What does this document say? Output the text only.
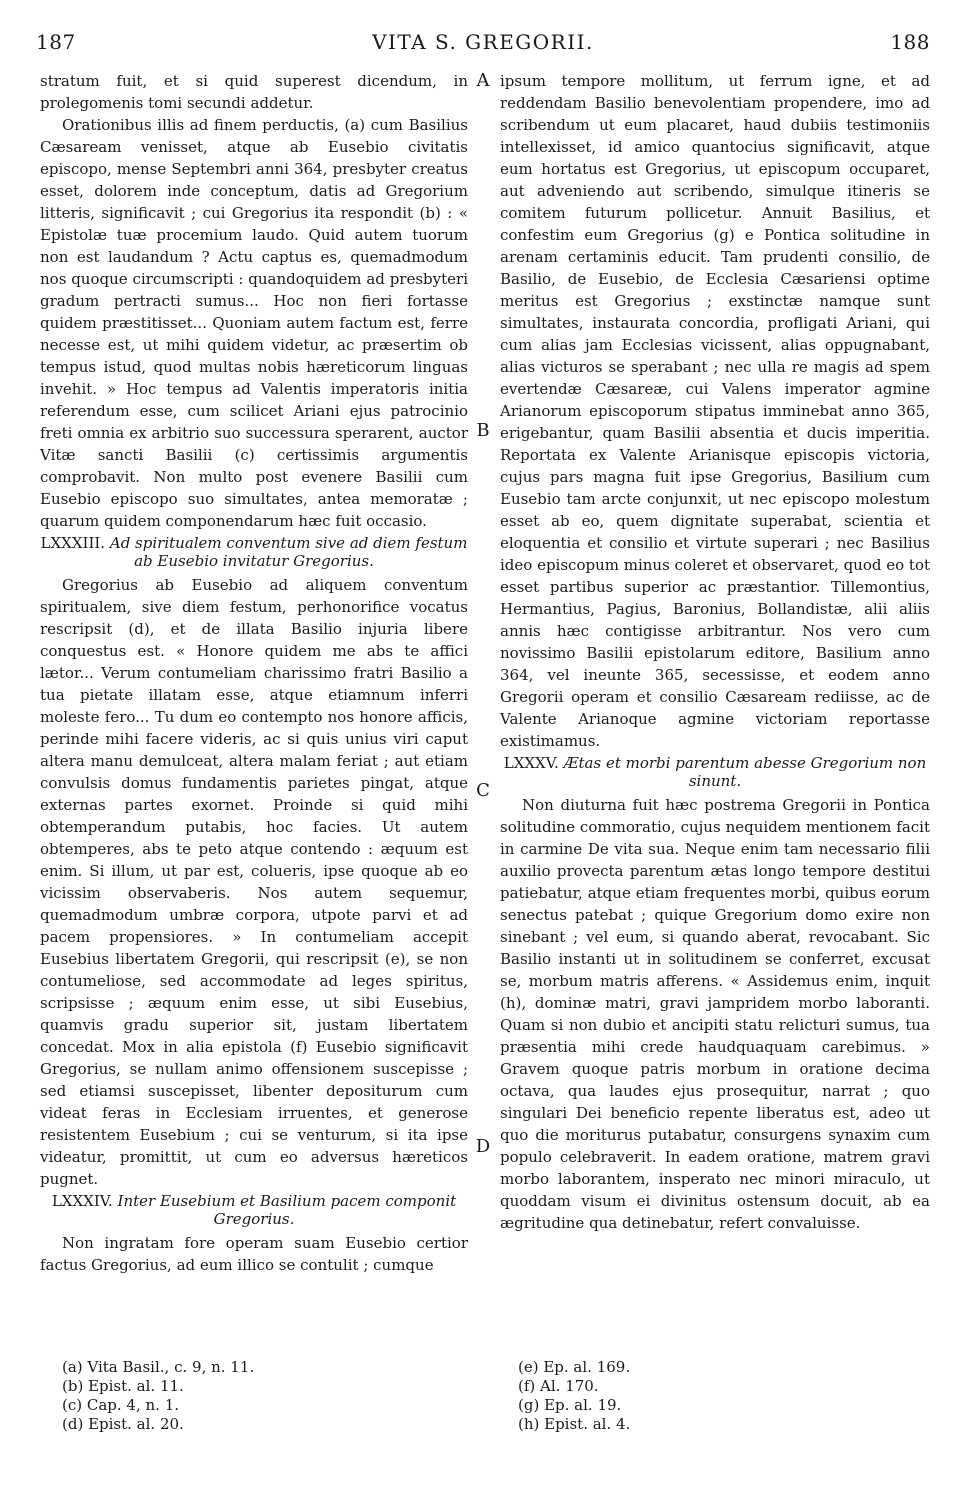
187	VITA S. GREGORII.	188

stratum fuit, et si quid superest dicendum, in prolegomenis tomi secundi addetur.

Orationibus illis ad finem perductis, (a) cum Basilius Cæsaream venisset, atque ab Eusebio civitatis episcopo, mense Septembri anni 364, presbyter creatus esset, dolorem inde conceptum, datis ad Gregorium litteris, significavit ; cui Gregorius ita respondit (b) : « Epistolæ tuæ procemium laudo. Quid autem tuorum non est laudandum ? Actu captus es, quemadmodum nos quoque circumscripti : quandoquidem ad presbyteri gradum pertracti sumus... Hoc non fieri fortasse quidem præstitisset... Quoniam autem factum est, ferre necesse est, ut mihi quidem videtur, ac præsertim ob tempus istud, quod multas nobis hæreticorum linguas invehit. » Hoc tempus ad Valentis imperatoris initia referendum esse, cum scilicet Ariani ejus patrocinio freti omnia ex arbitrio suo successura sperarent, auctor Vitæ sancti Basilii (c) certissimis argumentis comprobavit. Non multo post evenere Basilii cum Eusebio episcopo suo simultates, antea memoratæ ; quarum quidem componendarum hæc fuit occasio.

LXXXIII. Ad spiritualem conventum sive ad diem festum ab Eusebio invitatur Gregorius.

Gregorius ab Eusebio ad aliquem conventum spiritualem, sive diem festum, perhonorifice vocatus rescripsit (d), et de illata Basilio injuria libere conquestus est. « Honore quidem me abs te affici lætor... Verum contumeliam charissimo fratri Basilio a tua pietate illatam esse, atque etiamnum inferri moleste fero... Tu dum eo contempto nos honore afficis, perinde mihi facere videris, ac si quis unius viri caput altera manu demulceat, altera malam feriat ; aut etiam convulsis domus fundamentis parietes pingat, atque externas partes exornet. Proinde si quid mihi obtemperandum putabis, hoc facies. Ut autem obtemperes, abs te peto atque contendo : æquum est enim. Si illum, ut par est, colueris, ipse quoque ab eo vicissim observaberis. Nos autem sequemur, quemadmodum umbræ corpora, utpote parvi et ad pacem propensiores. » In contumeliam accepit Eusebius libertatem Gregorii, qui rescripsit (e), se non contumeliose, sed accommodate ad leges spiritus, scripsisse ; æquum enim esse, ut sibi Eusebius, quamvis gradu superior sit, justam libertatem concedat. Mox in alia epistola (f) Eusebio significavit Gregorius, se nullam animo offensionem suscepisse ; sed etiamsi suscepisset, libenter depositurum cum videat feras in Ecclesiam irruentes, et generose resistentem Eusebium ; cui se venturum, si ita ipse videatur, promittit, ut cum eo adversus hæreticos pugnet.

LXXXIV. Inter Eusebium et Basilium pacem componit Gregorius.

Non ingratam fore operam suam Eusebio certior factus Gregorius, ad eum illico se contulit ; cumque

A
B
C
D

ipsum tempore mollitum, ut ferrum igne, et ad reddendam Basilio benevolentiam propendere, imo ad scribendum ut eum placaret, haud dubiis testimoniis intellexisset, id amico quantocius significavit, atque eum hortatus est Gregorius, ut episcopum occuparet, aut adveniendo aut scribendo, simulque itineris se comitem futurum pollicetur. Annuit Basilius, et confestim eum Gregorius (g) e Pontica solitudine in arenam certaminis educit. Tam prudenti consilio, de Basilio, de Eusebio, de Ecclesia Cæsariensi optime meritus est Gregorius ; exstinctæ namque sunt simultates, instaurata concordia, profligati Ariani, qui cum alias jam Ecclesias vicissent, alias oppugnabant, alias victuros se sperabant ; nec ulla re magis ad spem evertendæ Cæsareæ, cui Valens imperator agmine Arianorum episcoporum stipatus imminebat anno 365, erigebantur, quam Basilii absentia et ducis imperitia. Reportata ex Valente Arianisque episcopis victoria, cujus pars magna fuit ipse Gregorius, Basilium cum Eusebio tam arcte conjunxit, ut nec episcopo molestum esset ab eo, quem dignitate superabat, scientia et eloquentia et consilio et virtute superari ; nec Basilius ideo episcopum minus coleret et observaret, quod eo tot esset partibus superior ac præstantior. Tillemontius, Hermantius, Pagius, Baronius, Bollandistæ, alii aliis annis hæc contigisse arbitrantur. Nos vero cum novissimo Basilii epistolarum editore, Basilium anno 364, vel ineunte 365, secessisse, et eodem anno Gregorii operam et consilio Cæsaream rediisse, ac de Valente Arianoque agmine victoriam reportasse existimamus.

LXXXV. Ætas et morbi parentum abesse Gregorium non sinunt.

Non diuturna fuit hæc postrema Gregorii in Pontica solitudine commoratio, cujus nequidem mentionem facit in carmine De vita sua. Neque enim tam necessario filii auxilio provecta parentum ætas longo tempore destitui patiebatur, atque etiam frequentes morbi, quibus eorum senectus patebat ; quique Gregorium domo exire non sinebant ; vel eum, si quando aberat, revocabant. Sic Basilio instanti ut in solitudinem se conferret, excusat se, morbum matris afferens. « Assidemus enim, inquit (h), dominæ matri, gravi jampridem morbo laboranti. Quam si non dubio et ancipiti statu relicturi sumus, tua præsentia mihi crede haudquaquam carebimus. » Gravem quoque patris morbum in oratione decima octava, qua laudes ejus prosequitur, narrat ; quo singulari Dei beneficio repente liberatus est, adeo ut quo die moriturus putabatur, consurgens synaxim cum populo celebraverit. In eadem oratione, matrem gravi morbo laborantem, insperato nec minori miraculo, ut quoddam visum ei divinitus ostensum docuit, ab ea ægritudine qua detinebatur, refert convaluisse.

(a) Vita Basil., c. 9, n. 11.
(b) Epist. al. 11.
(c) Cap. 4, n. 1.
(d) Epist. al. 20.
(e) Ep. al. 169.
(f) Al. 170.
(g) Ep. al. 19.
(h) Epist. al. 4.
